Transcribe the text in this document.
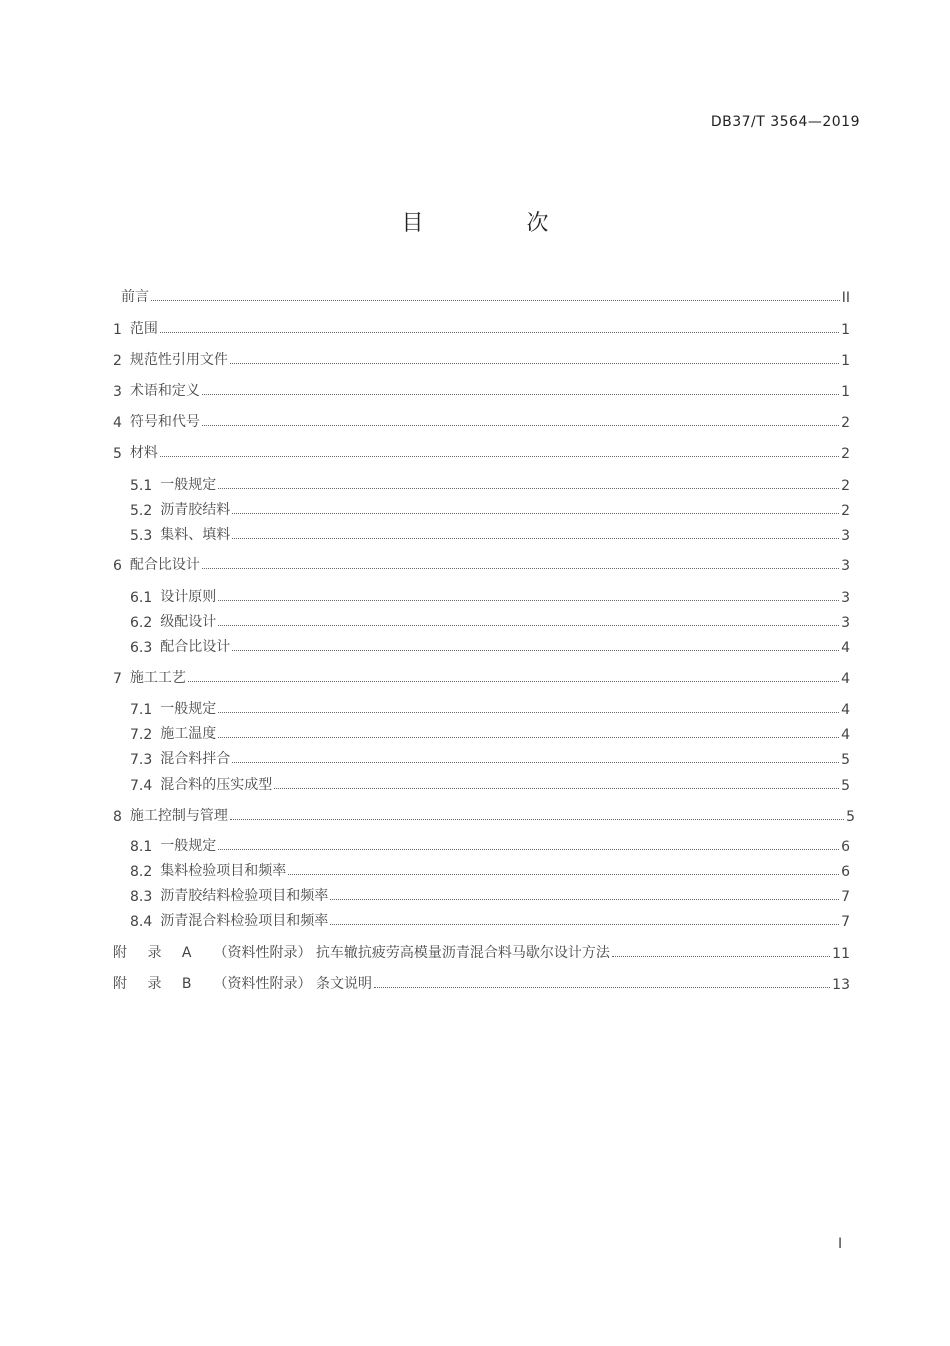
DB37/T 3564—2019
目 次
前言	II
1 范围	1
2 规范性引用文件	1
3 术语和定义	1
4 符号和代号	2
5 材料	2
5.1 一般规定	2
5.2 沥青胶结料	2
5.3 集料、填料	3
6 配合比设计	3
6.1 设计原则	3
6.2 级配设计	3
6.3 配合比设计	4
7 施工工艺	4
7.1 一般规定	4
7.2 施工温度	4
7.3 混合料拌合	5
7.4 混合料的压实成型	5
8 施工控制与管理	5
8.1 一般规定	6
8.2 集料检验项目和频率	6
8.3 沥青胶结料检验项目和频率	7
8.4 沥青混合料检验项目和频率	7
附 录 A （资料性附录） 抗车辙抗疲劳高模量沥青混合料马歇尔设计方法	11
附 录 B （资料性附录） 条文说明	13
I
